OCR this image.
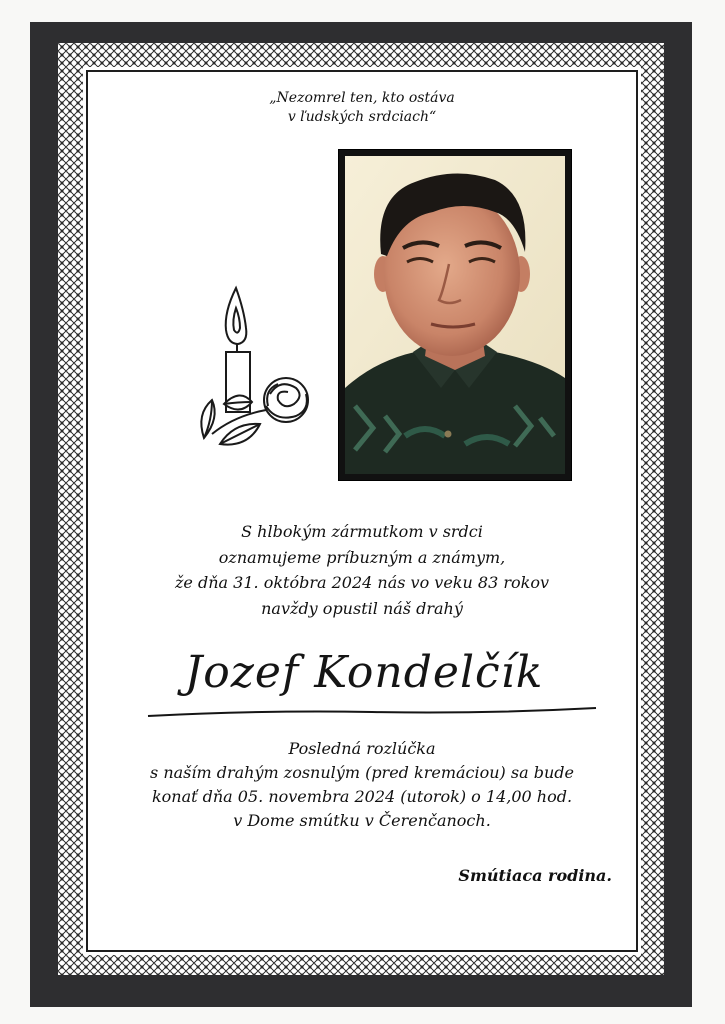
„Nezomrel ten, kto ostáva
v ľudských srdciach“
S hlbokým zármutkom v srdci
oznamujeme príbuzným a známym,
že dňa 31. októbra 2024 nás vo veku 83 rokov
navždy opustil náš drahý
Jozef Kondelčík
Posledná rozlúčka
s naším drahým zosnulým (pred kremáciou) sa bude
konať dňa 05. novembra 2024 (utorok) o 14,00 hod.
v Dome smútku v Čerenčanoch.
Smútiaca rodina.
